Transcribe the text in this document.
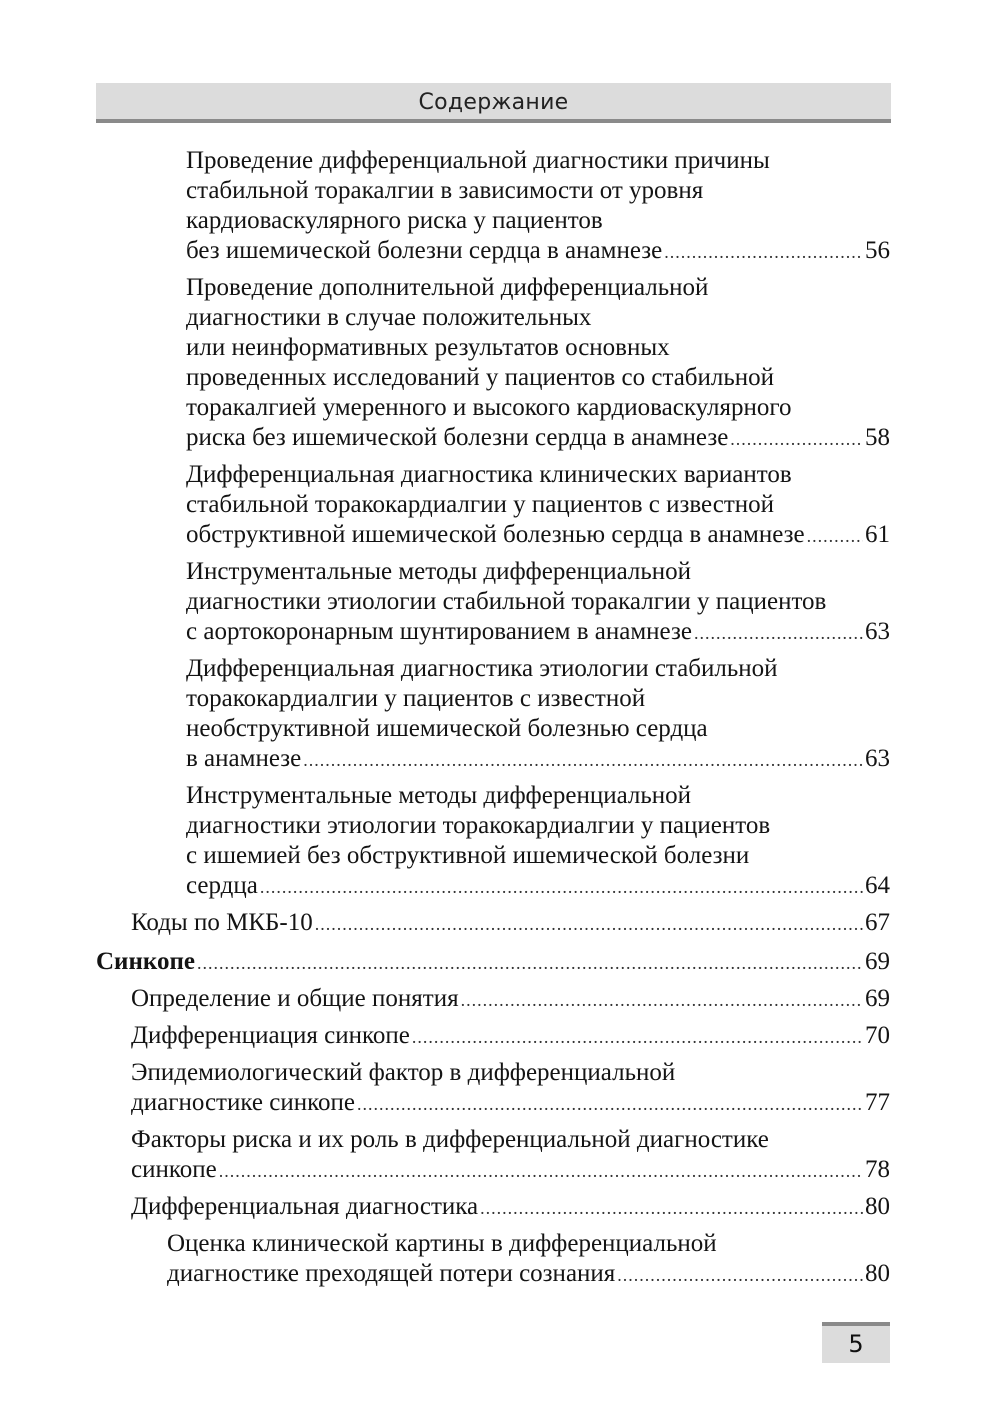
Содержание
Проведение дифференциальной диагностики причины
стабильной торакалгии в зависимости от уровня
кардиоваскулярного риска у пациентов
без ишемической болезни сердца в анамнезе .....	56
Проведение дополнительной дифференциальной
диагностики в случае положительных
или неинформативных результатов основных
проведенных исследований у пациентов со стабильной
торакалгией умеренного и высокого кардиоваскулярного
риска без ишемической болезни сердца в анамнезе .....	58
Дифференциальная диагностика клинических вариантов
стабильной торакокардиалгии у пациентов с известной
обструктивной ишемической болезнью сердца в анамнезе ..... 61
Инструментальные методы дифференциальной
диагностики этиологии стабильной торакалгии у пациентов
с аортокоронарным шунтированием в анамнезе .....	63
Дифференциальная диагностика этиологии стабильной
торакокардиалгии у пациентов с известной
необструктивной ишемической болезнью сердца
в анамнезе .....	63
Инструментальные методы дифференциальной
диагностики этиологии торакокардиалгии у пациентов
с ишемией без обструктивной ишемической болезни
сердца .....	64
Коды по МКБ-10 .....	67
Синкопе .....	69
Определение и общие понятия .....	69
Дифференциация синкопе .....	70
Эпидемиологический фактор в дифференциальной
диагностике синкопе .....	77
Факторы риска и их роль в дифференциальной диагностике
синкопе .....	78
Дифференциальная диагностика .....	80
Оценка клинической картины в дифференциальной
диагностике преходящей потери сознания .....	80
5
